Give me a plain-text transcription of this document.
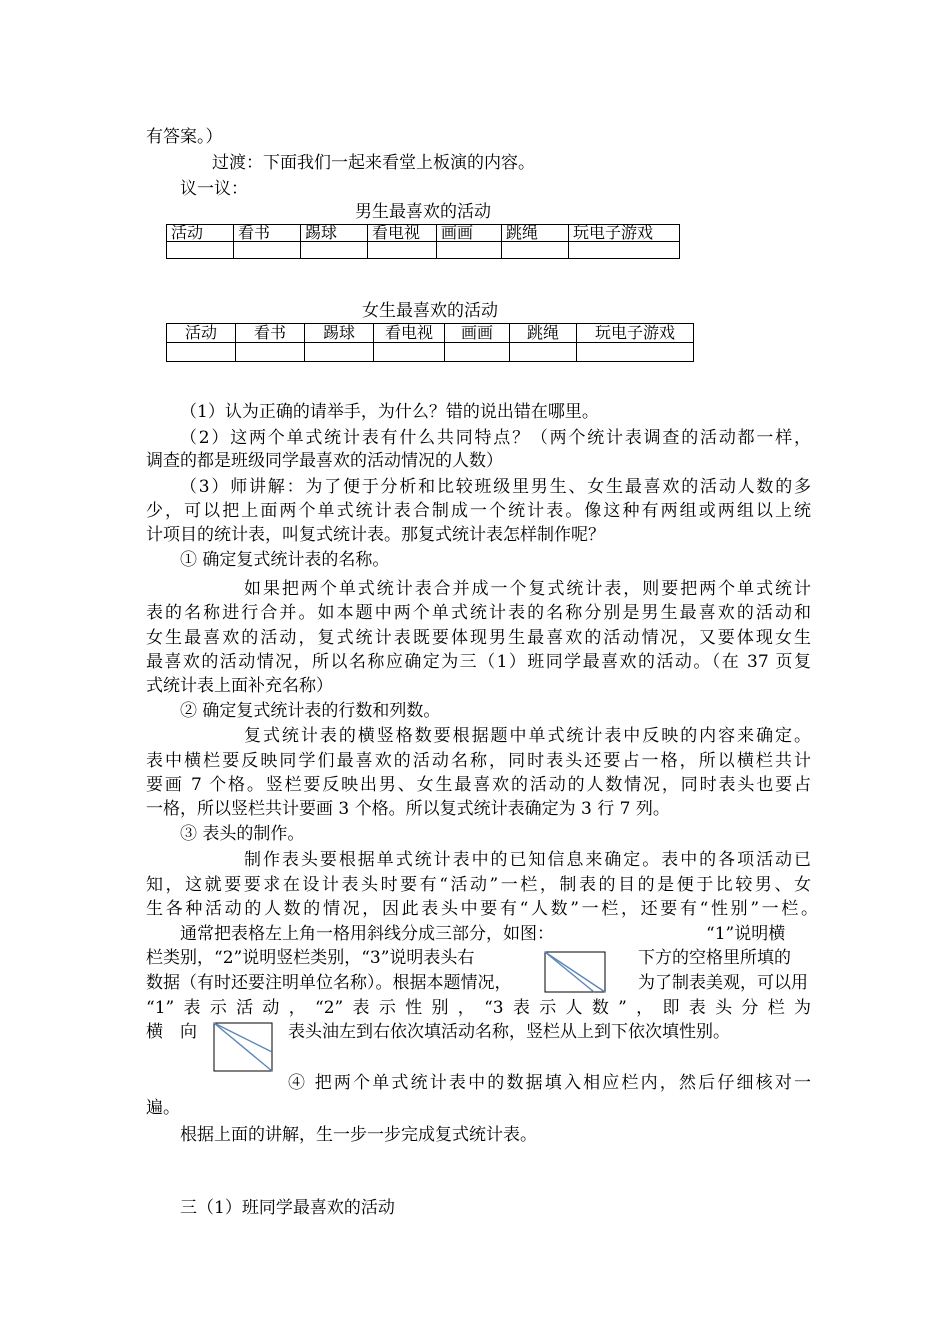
有答案。）
过渡：下面我们一起来看堂上板演的内容。
议一议：
男生最喜欢的活动
活动	看书	踢球	看电视	画画	跳绳	玩电子游戏

女生最喜欢的活动
活动	看书	踢球	看电视	画画	跳绳	玩电子游戏

（1）认为正确的请举手，为什么？错的说出错在哪里。
（2）这两个单式统计表有什么共同特点？（两个统计表调查的活动都一样，
调查的都是班级同学最喜欢的活动情况的人数）
（3）师讲解：为了便于分析和比较班级里男生、女生最喜欢的活动人数的多
少，可以把上面两个单式统计表合制成一个统计表。像这种有两组或两组以上统
计项目的统计表，叫复式统计表。那复式统计表怎样制作呢？
① 确定复式统计表的名称。
如果把两个单式统计表合并成一个复式统计表，则要把两个单式统计
表的名称进行合并。如本题中两个单式统计表的名称分别是男生最喜欢的活动和
女生最喜欢的活动，复式统计表既要体现男生最喜欢的活动情况，又要体现女生
最喜欢的活动情况，所以名称应确定为三（1）班同学最喜欢的活动。（在 37 页复
式统计表上面补充名称）
② 确定复式统计表的行数和列数。
复式统计表的横竖格数要根据题中单式统计表中反映的内容来确定。
表中横栏要反映同学们最喜欢的活动名称，同时表头还要占一格，所以横栏共计
要画 7 个格。竖栏要反映出男、女生最喜欢的活动的人数情况，同时表头也要占
一格，所以竖栏共计要画 3 个格。所以复式统计表确定为 3 行 7 列。
③ 表头的制作。
制作表头要根据单式统计表中的已知信息来确定。表中的各项活动已
知，这就要要求在设计表头时要有“活动”一栏，制表的目的是便于比较男、女
生各种活动的人数的情况，因此表头中要有“人数”一栏，还要有“性别”一栏。
通常把表格左上角一格用斜线分成三部分，如图：	“1”说明横
栏类别，“2”说明竖栏类别，“3”说明表头右	下方的空格里所填的
数据（有时还要注明单位名称）。根据本题情况，	为了制表美观，可以用
“1”表示活动，“2”表示性别，“3表示人数”，即表头分栏为
横　向	表头油左到右依次填活动名称，竖栏从上到下依次填性别。
④ 把两个单式统计表中的数据填入相应栏内，然后仔细核对一
遍。
根据上面的讲解，生一步一步完成复式统计表。
三（1）班同学最喜欢的活动
